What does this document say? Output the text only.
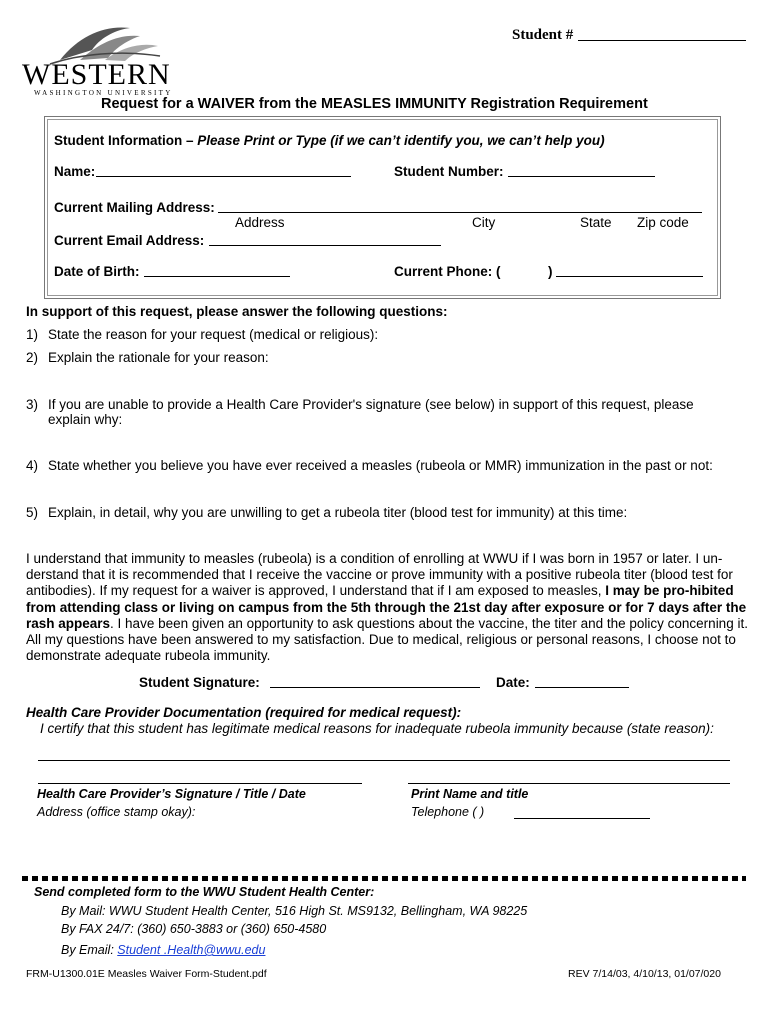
Student #
WESTERN
WASHINGTON UNIVERSITY
Request for a WAIVER from the MEASLES IMMUNITY Registration Requirement
Student Information – Please Print or Type (if we can’t identify you, we can’t help you)
Name:	Student Number:
Current Mailing Address:
Address	City	State Zip code
Current Email Address:
Date of Birth:	Current Phone: (	)
In support of this request, please answer the following questions:
1) State the reason for your request (medical or religious):
2) Explain the rationale for your reason:
3) If you are unable to provide a Health Care Provider's signature (see below) in support of this request, please
explain why:
4) State whether you believe you have ever received a measles (rubeola or MMR) immunization in the past or not:
5) Explain, in detail, why you are unwilling to get a rubeola titer (blood test for immunity) at this time:
I understand that immunity to measles (rubeola) is a condition of enrolling at WWU if I was born in 1957 or later. I un-derstand that it is recommended that I receive the vaccine or prove immunity with a positive rubeola titer (blood test for antibodies). If my request for a waiver is approved, I understand that if I am exposed to measles, I may be pro-hibited from attending class or living on campus from the 5th through the 21st day after exposure or for 7 days after the rash appears. I have been given an opportunity to ask questions about the vaccine, the titer and the policy concerning it. All my questions have been answered to my satisfaction. Due to medical, religious or personal reasons, I choose not to demonstrate adequate rubeola immunity.
Student Signature:	Date:
Health Care Provider Documentation (required for medical request):
I certify that this student has legitimate medical reasons for inadequate rubeola immunity because (state reason):
Health Care Provider’s Signature / Title / Date	Print Name and title
Address (office stamp okay):	Telephone ( )
Send completed form to the WWU Student Health Center:
By Mail: WWU Student Health Center, 516 High St. MS9132, Bellingham, WA 98225
By FAX 24/7: (360) 650-3883 or (360) 650-4580
By Email: Student .Health@wwu.edu
FRM-U1300.01E Measles Waiver Form-Student.pdf	REV 7/14/03, 4/10/13, 01/07/020
